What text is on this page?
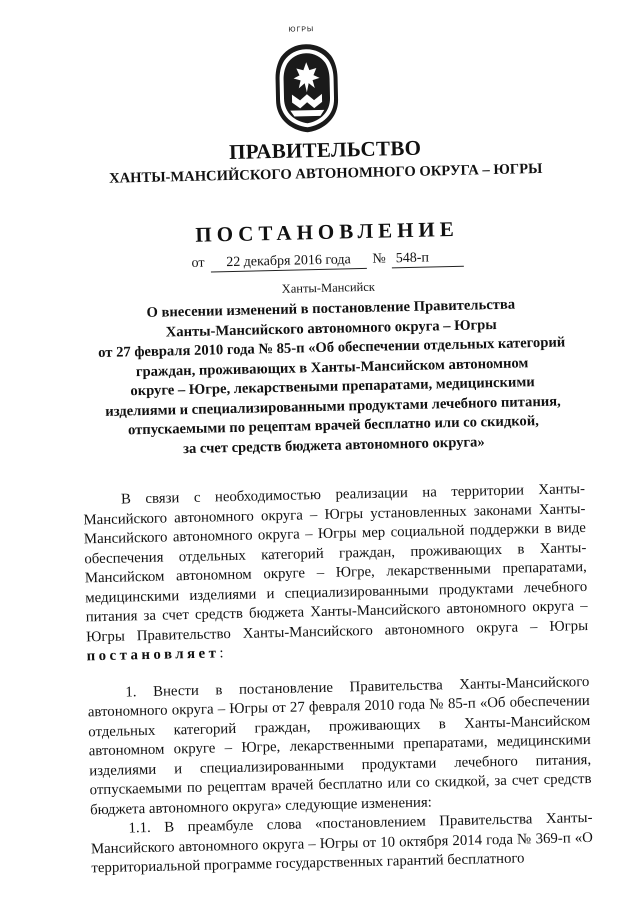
ЮГРЫ

ПРАВИТЕЛЬСТВО

ХАНТЫ-МАНСИЙСКОГО АВТОНОМНОГО ОКРУГА – ЮГРЫ

ПОСТАНОВЛЕНИЕ

от	22 декабря 2016 года	№ 548-п
Ханты-Мансийск
О внесении изменений в постановление Правительства
Ханты-Мансийского автономного округа – Югры
от 27 февраля 2010 года № 85-п «Об обеспечении отдельных категорий
граждан, проживающих в Ханты-Мансийском автономном
округе – Югре, лекарствеными препаратами, медицинскими
изделиями и специализированными продуктами лечебного питания,
отпускаемыми по рецептам врачей бесплатно или со скидкой,
за счет средств бюджета автономного округа»

В связи с необходимостью реализации на территории Ханты-Мансийского автономного округа – Югры установленных законами Ханты-Мансийского автономного округа – Югры мер социальной поддержки в виде обеспечения отдельных категорий граждан, проживающих в Ханты-Мансийском автономном округе – Югре, лекарственными препаратами, медицинскими изделиями и специализированными продуктами лечебного питания за счет средств бюджета Ханты-Мансийского автономного округа – Югры Правительство Ханты-Мансийского автономного округа – Югры постановляет:

1. Внести в постановление Правительства Ханты-Мансийского автономного округа – Югры от 27 февраля 2010 года № 85-п «Об обеспечении отдельных категорий граждан, проживающих в Ханты-Мансийском автономном округе – Югре, лекарственными препаратами, медицинскими изделиями и специализированными продуктами лечебного питания, отпускаемыми по рецептам врачей бесплатно или со скидкой, за счет средств бюджета автономного округа» следующие изменения:

1.1. В преамбуле слова «постановлением Правительства Ханты-Мансийского автономного округа – Югры от 10 октября 2014 года № 369-п «О территориальной программе государственных гарантий бесплатного
